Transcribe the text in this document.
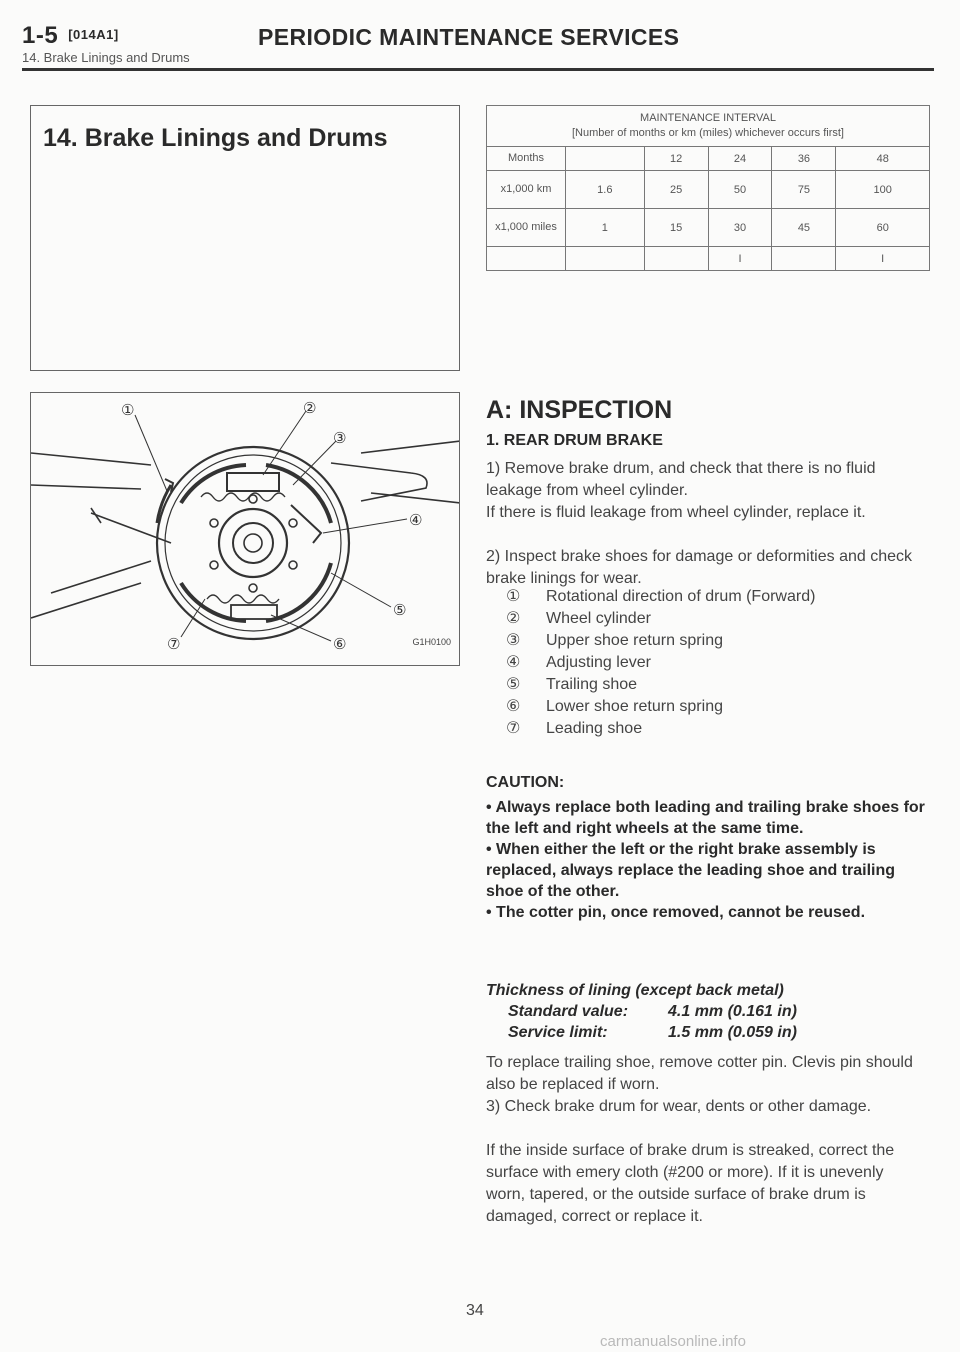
1-5 [014A1]	PERIODIC MAINTENANCE SERVICES
14. Brake Linings and Drums
14. Brake Linings and Drums
MAINTENANCE INTERVAL
[Number of months or km (miles) whichever occurs first]					

Months		12	24	36	48
x1,000 km	1.6	25	50	75	100
x1,000 miles	1	15	30	45	60
			I		I
①	②
③
④
⑤
⑥
⑦	G1H0100
A: INSPECTION
1. REAR DRUM BRAKE

1) Remove brake drum, and check that there is no fluid leakage from wheel cylinder.

If there is fluid leakage from wheel cylinder, replace it.

2) Inspect brake shoes for damage or deformities and check brake linings for wear.

① Rotational direction of drum (Forward)
② Wheel cylinder
③ Upper shoe return spring
④ Adjusting lever
⑤ Trailing shoe
⑥ Lower shoe return spring
⑦ Leading shoe
CAUTION:

• Always replace both leading and trailing brake shoes for the left and right wheels at the same time.

• When either the left or the right brake assembly is replaced, always replace the leading shoe and trailing shoe of the other.

• The cotter pin, once removed, cannot be reused.

Thickness of lining (except back metal)
Standard value: 4.1 mm (0.161 in)
Service limit:	1.5 mm (0.059 in)

To replace trailing shoe, remove cotter pin. Clevis pin should also be replaced if worn.

3) Check brake drum for wear, dents or other damage.

If the inside surface of brake drum is streaked, correct the surface with emery cloth (#200 or more). If it is unevenly worn, tapered, or the outside surface of brake drum is damaged, correct or replace it.

34
carmanualsonline.info
